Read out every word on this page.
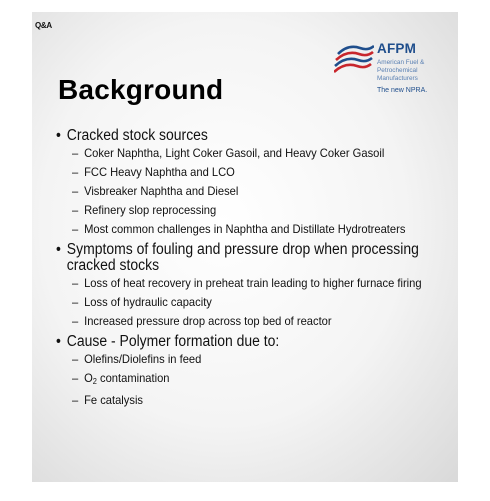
Q&A
AFPM
American Fuel & Petrochemical Manufacturers
The new NPRA.
Background
• Cracked stock sources
– Coker Naphtha, Light Coker Gasoil, and Heavy Coker Gasoil
– FCC Heavy Naphtha and LCO
– Visbreaker Naphtha and Diesel
– Refinery slop reprocessing
– Most common challenges in Naphtha and Distillate Hydrotreaters
• Symptoms of fouling and pressure drop when processing cracked stocks
– Loss of heat recovery in preheat train leading to higher furnace firing
– Loss of hydraulic capacity
– Increased pressure drop across top bed of reactor
• Cause - Polymer formation due to:
– Olefins/Diolefins in feed
– $O_2$ contamination
– Fe catalysis
